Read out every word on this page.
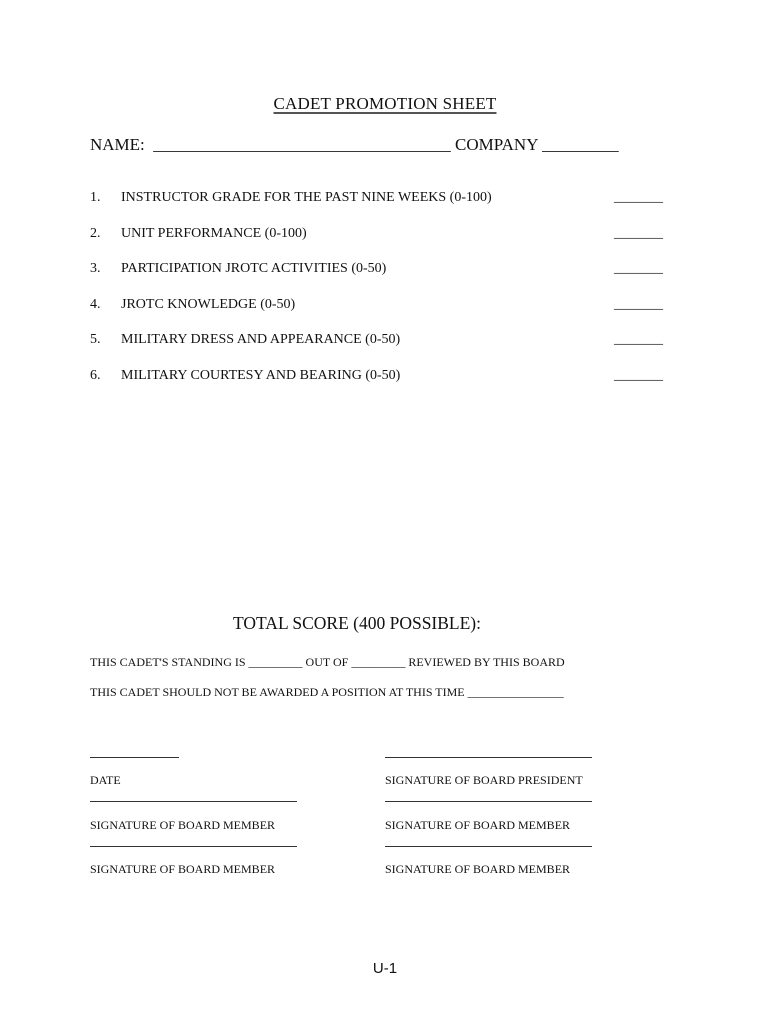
CADET PROMOTION SHEET
NAME:  ___________________________________ COMPANY _________
1. INSTRUCTOR GRADE FOR THE PAST NINE WEEKS (0-100)	_______
2. UNIT PERFORMANCE (0-100)	_______
3. PARTICIPATION JROTC ACTIVITIES (0-50)	_______
4. JROTC KNOWLEDGE (0-50)	_______
5. MILITARY DRESS AND APPEARANCE (0-50)	_______
6. MILITARY COURTESY AND BEARING (0-50)	_______
TOTAL SCORE (400 POSSIBLE):
THIS CADET'S STANDING IS _________ OUT OF _________ REVIEWED BY THIS BOARD
THIS CADET SHOULD NOT BE AWARDED A POSITION AT THIS TIME ________________
DATE	SIGNATURE OF BOARD PRESIDENT
SIGNATURE OF BOARD MEMBER	SIGNATURE OF BOARD MEMBER
SIGNATURE OF BOARD MEMBER	SIGNATURE OF BOARD MEMBER
U-1
